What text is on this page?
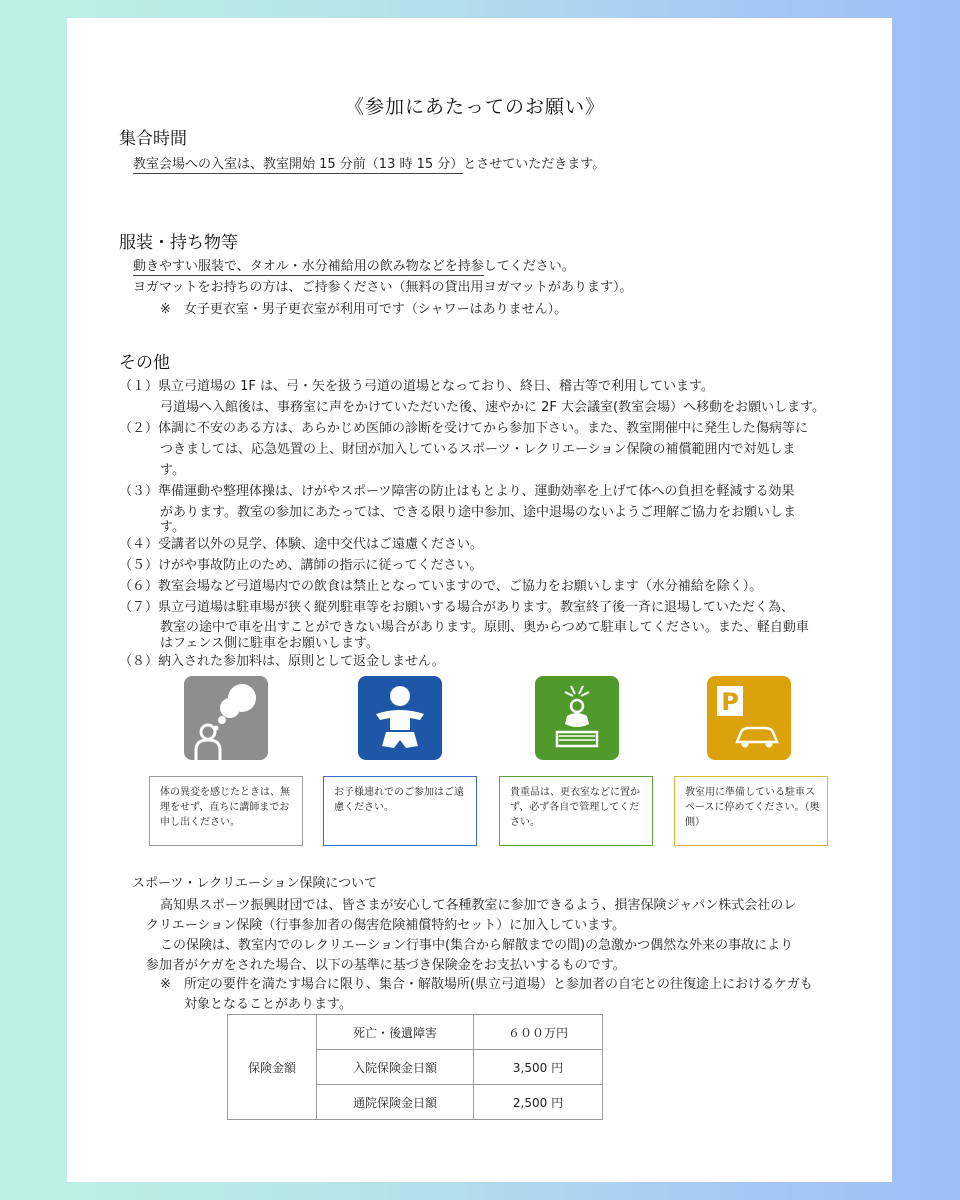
《参加にあたってのお願い》
集合時間
教室会場への入室は、教室開始 15 分前（13 時 15 分）とさせていただきます。
服装・持ち物等
動きやすい服装で、タオル・水分補給用の飲み物などを持参してください。
ヨガマットをお持ちの方は、ご持参ください（無料の貸出用ヨガマットがあります）。
※　女子更衣室・男子更衣室が利用可です（シャワーはありません）。
その他
（１）県立弓道場の 1F は、弓・矢を扱う弓道の道場となっており、終日、稽古等で利用しています。
弓道場へ入館後は、事務室に声をかけていただいた後、速やかに 2F 大会議室(教室会場）へ移動をお願いします。
（２）体調に不安のある方は、あらかじめ医師の診断を受けてから参加下さい。また、教室開催中に発生した傷病等に
つきましては、応急処置の上、財団が加入しているスポーツ・レクリエーション保険の補償範囲内で対処しま
す。
（３）準備運動や整理体操は、けがやスポーツ障害の防止はもとより、運動効率を上げて体への負担を軽減する効果
があります。教室の参加にあたっては、できる限り途中参加、途中退場のないようご理解ご協力をお願いしま
す。
（４）受講者以外の見学、体験、途中交代はご遠慮ください。
（５）けがや事故防止のため、講師の指示に従ってください。
（６）教室会場など弓道場内での飲食は禁止となっていますので、ご協力をお願いします（水分補給を除く）。
（７）県立弓道場は駐車場が狭く縦列駐車等をお願いする場合があります。教室終了後一斉に退場していただく為、
教室の途中で車を出すことができない場合があります。原則、奥からつめて駐車してください。また、軽自動車
はフェンス側に駐車をお願いします。
（８）納入された参加料は、原則として返金しません。
P
体の異変を感じたときは、無理をせず、直ちに講師までお申し出ください。
お子様連れでのご参加はご遠慮ください。
貴重品は、更衣室などに置かず、必ず各自で管理してください。
教室用に準備している駐車スペースに停めてください。（奥側）
スポーツ・レクリエーション保険について
高知県スポーツ振興財団では、皆さまが安心して各種教室に参加できるよう、損害保険ジャパン株式会社のレ
クリエーション保険（行事参加者の傷害危険補償特約セット）に加入しています。
この保険は、教室内でのレクリエーション行事中(集合から解散までの間)の急激かつ偶然な外来の事故により
参加者がケガをされた場合、以下の基準に基づき保険金をお支払いするものです。
※　所定の要件を満たす場合に限り、集合・解散場所(県立弓道場）と参加者の自宅との往復途上におけるケガも
対象となることがあります。
保険金額	死亡・後遺障害	６００万円
	入院保険金日額	3,500 円
	通院保険金日額	2,500 円
